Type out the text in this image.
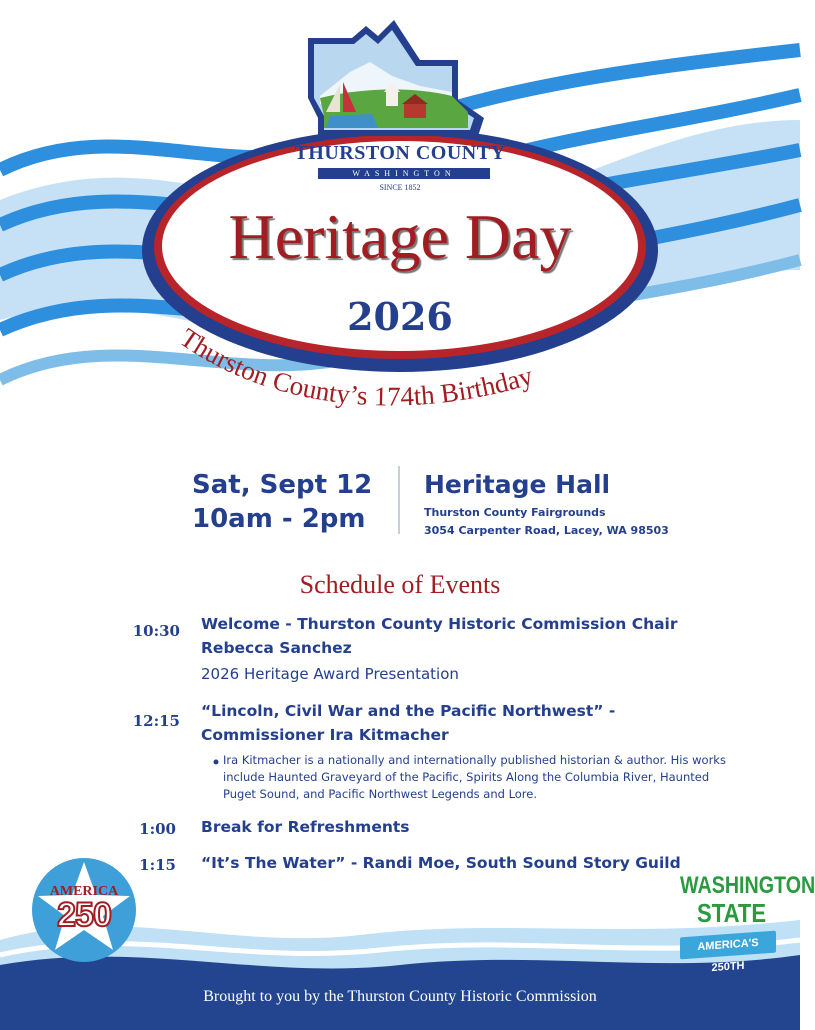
THURSTON COUNTY
WASHINGTON
SINCE 1852
Heritage Day
2026
Thurston County’s 174th Birthday
Sat, Sept 12
10am - 2pm
Heritage Hall
Thurston County Fairgrounds
3054 Carpenter Road, Lacey, WA 98503
Schedule of Events
10:30 Welcome - Thurston County Historic Commission Chair
Rebecca Sanchez
2026 Heritage Award Presentation
12:15
“Lincoln, Civil War and the Pacific Northwest” -
Commissioner Ira Kitmacher
Ira Kitmacher is a nationally and internationally published historian & author. His works include Haunted Graveyard of the Pacific, Spirits Along the Columbia River, Haunted Puget Sound, and Pacific Northwest Legends and Lore.
1:00 Break for Refreshments
1:15 “It’s The Water” - Randi Moe, South Sound Story Guild
AMERICA
250
WASHINGTON
STATE
AMERICA'S 250TH
Brought to you by the Thurston County Historic Commission
